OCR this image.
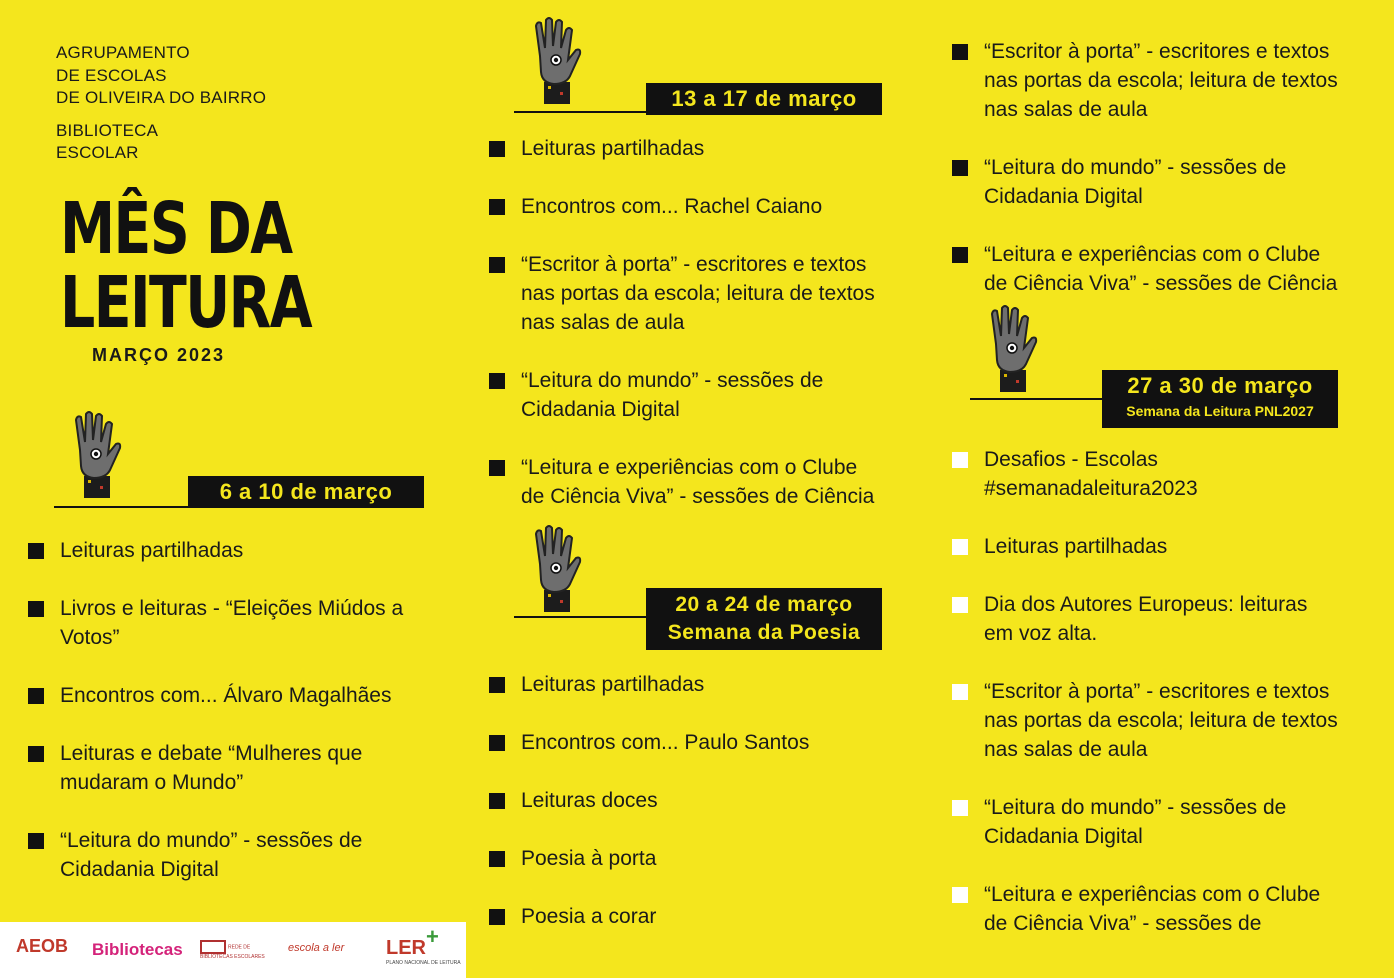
AGRUPAMENTO
DE ESCOLAS
DE OLIVEIRA DO BAIRRO
BIBLIOTECA
ESCOLAR
MÊS DA
LEITURA
MARÇO 2023
6 a 10 de março
Leituras partilhadas
Livros e leituras - “Eleições Miúdos a
Votos”
Encontros com... Álvaro Magalhães
Leituras e debate “Mulheres que
mudaram o Mundo”
“Leitura do mundo” - sessões de
Cidadania Digital
13 a 17 de março
Leituras partilhadas
Encontros com... Rachel Caiano
“Escritor à porta” - escritores e textos
nas portas da escola; leitura de textos
nas salas de aula
“Leitura do mundo” - sessões de
Cidadania Digital
“Leitura e experiências com o Clube
de Ciência Viva” - sessões de Ciência
20 a 24 de março
Semana da Poesia
Leituras partilhadas
Encontros com... Paulo Santos
Leituras doces
Poesia à porta
Poesia a corar
“Escritor à porta” - escritores e textos
nas portas da escola; leitura de textos
nas salas de aula
“Leitura do mundo” - sessões de
Cidadania Digital
“Leitura e experiências com o Clube
de Ciência Viva” - sessões de Ciência
27 a 30 de março
Semana da Leitura PNL2027
Desafios - Escolas
#semanadaleitura2023
Leituras partilhadas
Dia dos Autores Europeus: leituras
em voz alta.
“Escritor à porta” - escritores e textos
nas portas da escola; leitura de textos
nas salas de aula
“Leitura do mundo” - sessões de
Cidadania Digital
“Leitura e experiências com o Clube
de Ciência Viva” - sessões de
AEOB Bibliotecas	REDE DE BIBLIOTECAS ESCOLARES
escola a ler LER+
PLANO NACIONAL DE LEITURA
